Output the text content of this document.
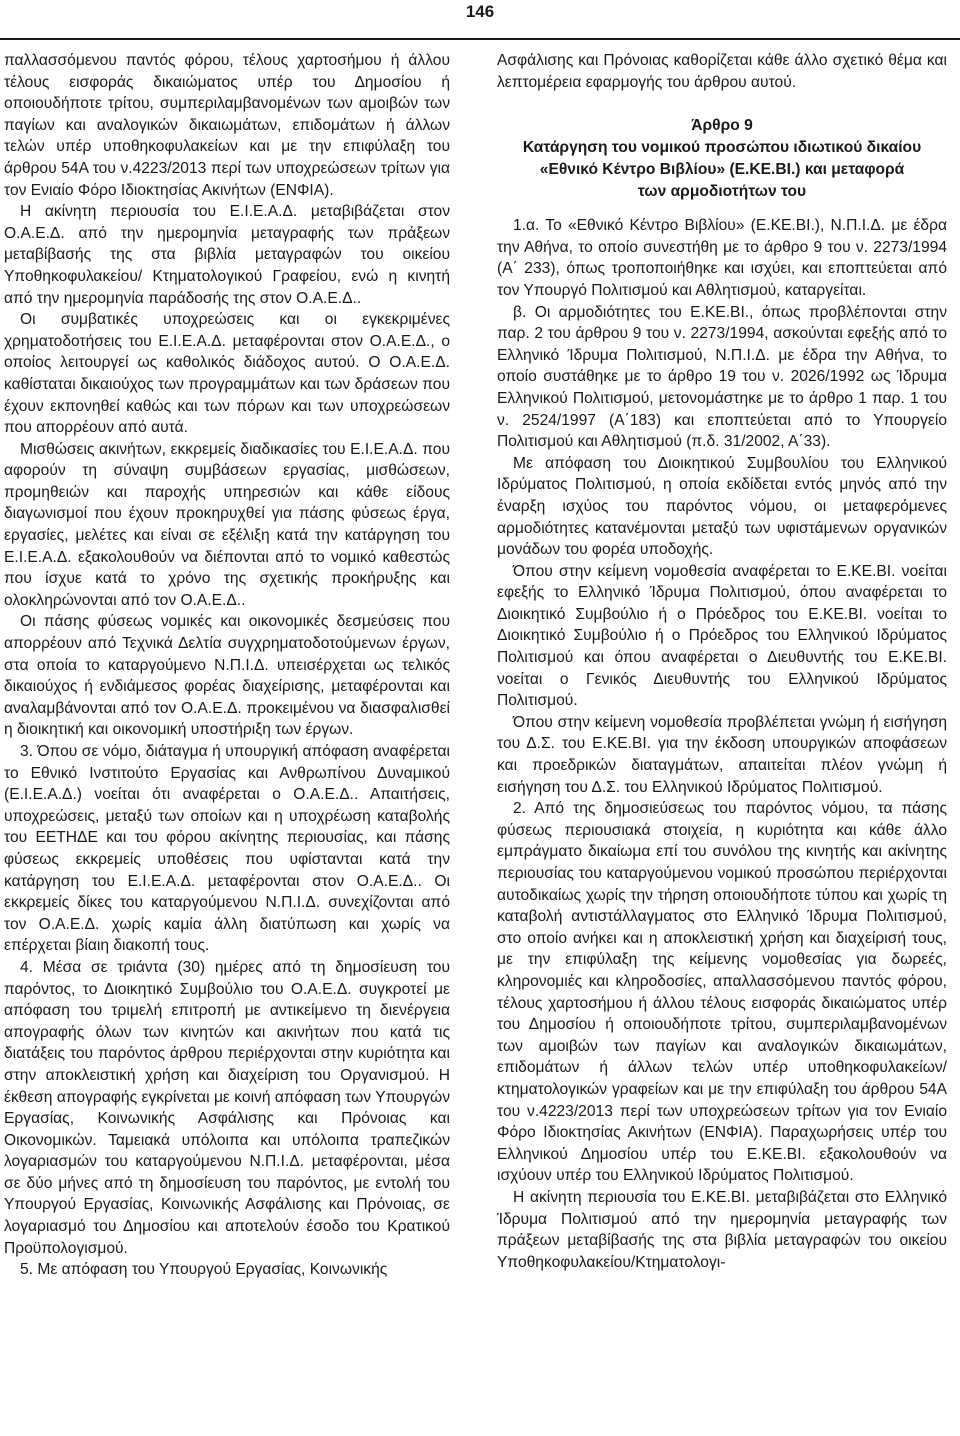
146

παλλασσόμενου παντός φόρου, τέλους χαρτοσήμου ή άλλου τέλους εισφοράς δικαιώματος υπέρ του Δημοσίου ή οποιουδήποτε τρίτου, συμπεριλαμβανομένων των αμοιβών των παγίων και αναλογικών δικαιωμάτων, επιδομάτων ή άλλων τελών υπέρ υποθηκοφυλακείων και με την επιφύλαξη του άρθρου 54Α του ν.4223/2013 περί των υποχρεώσεων τρίτων για τον Ενιαίο Φόρο Ιδιοκτησίας Ακινήτων (ΕΝΦΙΑ).

Η ακίνητη περιουσία του Ε.Ι.Ε.Α.Δ. μεταβιβάζεται στον Ο.Α.Ε.Δ. από την ημερομηνία μεταγραφής των πράξεων μεταβίβασής της στα βιβλία μεταγραφών του οικείου Υποθηκοφυλακείου/ Κτηματολογικού Γραφείου, ενώ η κινητή από την ημερομηνία παράδοσής της στον Ο.Α.Ε.Δ..

Οι συμβατικές υποχρεώσεις και οι εγκεκριμένες χρηματοδοτήσεις του Ε.Ι.Ε.Α.Δ. μεταφέρονται στον Ο.Α.Ε.Δ., ο οποίος λειτουργεί ως καθολικός διάδοχος αυτού. Ο Ο.Α.Ε.Δ. καθίσταται δικαιούχος των προγραμμάτων και των δράσεων που έχουν εκπονηθεί καθώς και των πόρων και των υποχρεώσεων που απορρέουν από αυτά.

Μισθώσεις ακινήτων, εκκρεμείς διαδικασίες του Ε.Ι.Ε.Α.Δ. που αφορούν τη σύναψη συμβάσεων εργασίας, μισθώσεων, προμηθειών και παροχής υπηρεσιών και κάθε είδους διαγωνισμοί που έχουν προκηρυχθεί για πάσης φύσεως έργα, εργασίες, μελέτες και είναι σε εξέλιξη κατά την κατάργηση του Ε.Ι.Ε.Α.Δ. εξακολουθούν να διέπονται από το νομικό καθεστώς που ίσχυε κατά το χρόνο της σχετικής προκήρυξης και ολοκληρώνονται από τον Ο.Α.Ε.Δ..

Οι πάσης φύσεως νομικές και οικονομικές δεσμεύσεις που απορρέουν από Τεχνικά Δελτία συγχρηματοδοτούμενων έργων, στα οποία το καταργούμενο Ν.Π.Ι.Δ. υπεισέρχεται ως τελικός δικαιούχος ή ενδιάμεσος φορέας διαχείρισης, μεταφέρονται και αναλαμβάνονται από τον Ο.Α.Ε.Δ. προκειμένου να διασφαλισθεί η διοικητική και οικονομική υποστήριξη των έργων.

3. Όπου σε νόμο, διάταγμα ή υπουργική απόφαση αναφέρεται το Εθνικό Ινστιτούτο Εργασίας και Ανθρωπίνου Δυναμικού (Ε.Ι.Ε.Α.Δ.) νοείται ότι αναφέρεται ο Ο.Α.Ε.Δ.. Απαιτήσεις, υποχρεώσεις, μεταξύ των οποίων και η υποχρέωση καταβολής του ΕΕΤΗΔΕ και του φόρου ακίνητης περιουσίας, και πάσης φύσεως εκκρεμείς υποθέσεις που υφίστανται κατά την κατάργηση του Ε.Ι.Ε.Α.Δ. μεταφέρονται στον Ο.Α.Ε.Δ.. Οι εκκρεμείς δίκες του καταργούμενου Ν.Π.Ι.Δ. συνεχίζονται από τον Ο.Α.Ε.Δ. χωρίς καμία άλλη διατύπωση και χωρίς να επέρχεται βίαιη διακοπή τους.

4. Μέσα σε τριάντα (30) ημέρες από τη δημοσίευση του παρόντος, το Διοικητικό Συμβούλιο του Ο.Α.Ε.Δ. συγκροτεί με απόφαση του τριμελή επιτροπή με αντικείμενο τη διενέργεια απογραφής όλων των κινητών και ακινήτων που κατά τις διατάξεις του παρόντος άρθρου περιέρχονται στην κυριότητα και στην αποκλειστική χρήση και διαχείριση του Οργανισμού. Η έκθεση απογραφής εγκρίνεται με κοινή απόφαση των Υπουργών Εργασίας, Κοινωνικής Ασφάλισης και Πρόνοιας και Οικονομικών. Ταμειακά υπόλοιπα και υπόλοιπα τραπεζικών λογαριασμών του καταργούμενου Ν.Π.Ι.Δ. μεταφέρονται, μέσα σε δύο μήνες από τη δημοσίευση του παρόντος, με εντολή του Υπουργού Εργασίας, Κοινωνικής Ασφάλισης και Πρόνοιας, σε λογαριασμό του Δημοσίου και αποτελούν έσοδο του Κρατικού Προϋπολογισμού.

5. Με απόφαση του Υπουργού Εργασίας, Κοινωνικής

Ασφάλισης και Πρόνοιας καθορίζεται κάθε άλλο σχετικό θέμα και λεπτομέρεια εφαρμογής του άρθρου αυτού.

Άρθρο 9
Κατάργηση του νομικού προσώπου ιδιωτικού δικαίου
«Εθνικό Κέντρο Βιβλίου» (Ε.ΚΕ.ΒΙ.) και μεταφορά
των αρμοδιοτήτων του

1.α. Το «Εθνικό Κέντρο Βιβλίου» (Ε.ΚΕ.ΒΙ.), Ν.Π.Ι.Δ. με έδρα την Αθήνα, το οποίο συνεστήθη με το άρθρο 9 του ν. 2273/1994 (Α΄ 233), όπως τροποποιήθηκε και ισχύει, και εποπτεύεται από τον Υπουργό Πολιτισμού και Αθλητισμού, καταργείται.

β. Οι αρμοδιότητες του Ε.ΚΕ.ΒΙ., όπως προβλέπονται στην παρ. 2 του άρθρου 9 του ν. 2273/1994, ασκούνται εφεξής από το Ελληνικό Ίδρυμα Πολιτισμού, Ν.Π.Ι.Δ. με έδρα την Αθήνα, το οποίο συστάθηκε με το άρθρο 19 του ν. 2026/1992 ως Ίδρυμα Ελληνικού Πολιτισμού, μετονομάστηκε με το άρθρο 1 παρ. 1 του ν. 2524/1997 (Α΄183) και εποπτεύεται από το Υπουργείο Πολιτισμού και Αθλητισμού (π.δ. 31/2002, Α΄33).

Με απόφαση του Διοικητικού Συμβουλίου του Ελληνικού Ιδρύματος Πολιτισμού, η οποία εκδίδεται εντός μηνός από την έναρξη ισχύος του παρόντος νόμου, οι μεταφερόμενες αρμοδιότητες κατανέμονται μεταξύ των υφιστάμενων οργανικών μονάδων του φορέα υποδοχής.

Όπου στην κείμενη νομοθεσία αναφέρεται το Ε.ΚΕ.ΒΙ. νοείται εφεξής το Ελληνικό Ίδρυμα Πολιτισμού, όπου αναφέρεται το Διοικητικό Συμβούλιο ή ο Πρόεδρος του Ε.ΚΕ.ΒΙ. νοείται το Διοικητικό Συμβούλιο ή ο Πρόεδρος του Ελληνικού Ιδρύματος Πολιτισμού και όπου αναφέρεται ο Διευθυντής του Ε.ΚΕ.ΒΙ. νοείται ο Γενικός Διευθυντής του Ελληνικού Ιδρύματος Πολιτισμού.

Όπου στην κείμενη νομοθεσία προβλέπεται γνώμη ή εισήγηση του Δ.Σ. του Ε.ΚΕ.ΒΙ. για την έκδοση υπουργικών αποφάσεων και προεδρικών διαταγμάτων, απαιτείται πλέον γνώμη ή εισήγηση του Δ.Σ. του Ελληνικού Ιδρύματος Πολιτισμού.

2. Από της δημοσιεύσεως του παρόντος νόμου, τα πάσης φύσεως περιουσιακά στοιχεία, η κυριότητα και κάθε άλλο εμπράγματο δικαίωμα επί του συνόλου της κινητής και ακίνητης περιουσίας του καταργούμενου νομικού προσώπου περιέρχονται αυτοδικαίως χωρίς την τήρηση οποιουδήποτε τύπου και χωρίς τη καταβολή αντιστάλλαγματος στο Ελληνικό Ίδρυμα Πολιτισμού, στο οποίο ανήκει και η αποκλειστική χρήση και διαχείρισή τους, με την επιφύλαξη της κείμενης νομοθεσίας για δωρεές, κληρονομιές και κληροδοσίες, απαλλασσόμενου παντός φόρου, τέλους χαρτοσήμου ή άλλου τέλους εισφοράς δικαιώματος υπέρ του Δημοσίου ή οποιουδήποτε τρίτου, συμπεριλαμβανομένων των αμοιβών των παγίων και αναλογικών δικαιωμάτων, επιδομάτων ή άλλων τελών υπέρ υποθηκοφυλακείων/κτηματολογικών γραφείων και με την επιφύλαξη του άρθρου 54Α του ν.4223/2013 περί των υποχρεώσεων τρίτων για τον Ενιαίο Φόρο Ιδιοκτησίας Ακινήτων (ΕΝΦΙΑ). Παραχωρήσεις υπέρ του Ελληνικού Δημοσίου υπέρ του Ε.ΚΕ.ΒΙ. εξακολουθούν να ισχύουν υπέρ του Ελληνικού Ιδρύματος Πολιτισμού.

Η ακίνητη περιουσία του Ε.ΚΕ.ΒΙ. μεταβιβάζεται στο Ελληνικό Ίδρυμα Πολιτισμού από την ημερομηνία μεταγραφής των πράξεων μεταβίβασής της στα βιβλία μεταγραφών του οικείου Υποθηκοφυλακείου/Κτηματολογι-
